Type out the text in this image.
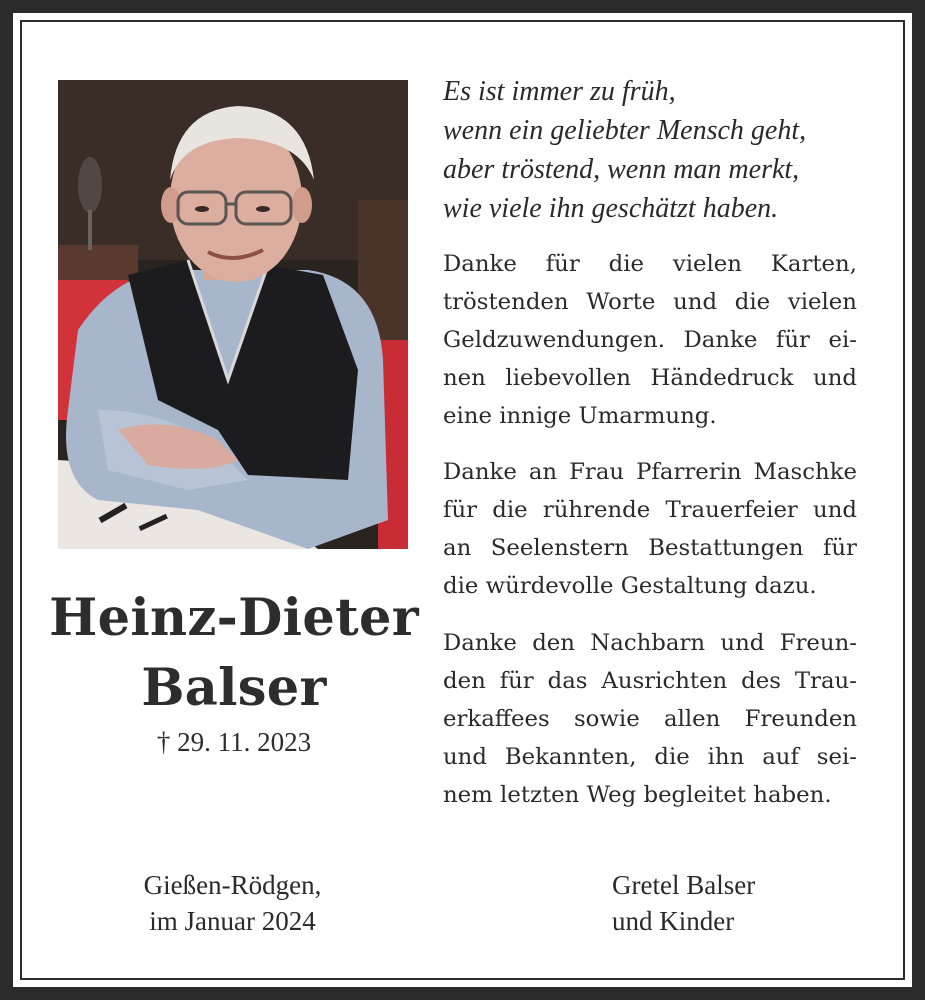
Heinz-Dieter
Balser
† 29. 11. 2023
Es ist immer zu früh,
wenn ein geliebter Mensch geht,
aber tröstend, wenn man merkt,
wie viele ihn geschätzt haben.
Danke für die vielen Karten,
tröstenden Worte und die vielen
Geldzuwendungen. Danke für ei-
nen liebevollen Händedruck und
eine innige Umarmung.
Danke an Frau Pfarrerin Maschke
für die rührende Trauerfeier und
an Seelenstern Bestattungen für
die würdevolle Gestaltung dazu.
Danke den Nachbarn und Freun-
den für das Ausrichten des Trau-
erkaffees sowie allen Freunden
und Bekannten, die ihn auf sei-
nem letzten Weg begleitet haben.
Gießen-Rödgen,
im Januar 2024
Gretel Balser
und Kinder
